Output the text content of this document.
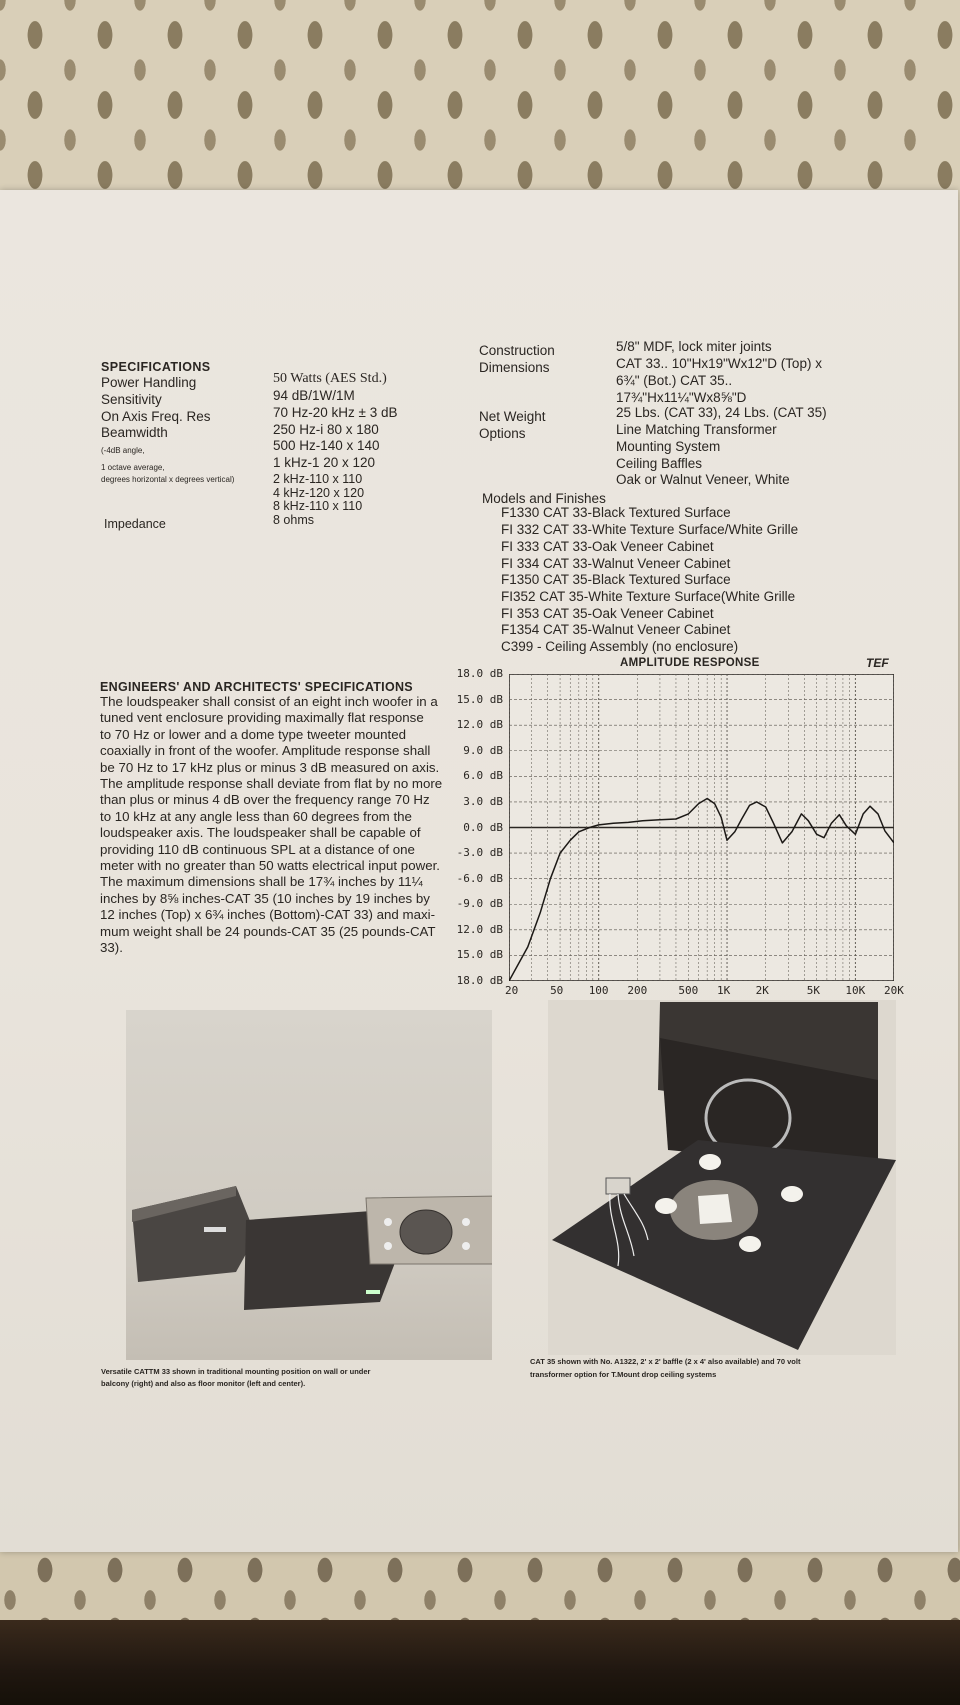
SPECIFICATIONS
Power Handling	50 Watts (AES Std.)
Sensitivity	94 dB/1W/1M
On Axis Freq. Res	70 Hz-20 kHz ± 3 dB
Beamwidth	250 Hz-i 80 x 180
(-4dB angle,
1 octave average,
degrees horizontal x degrees vertical)
500 Hz-140 x 140
1 kHz-1 20 x 120
2 kHz-110 x 110
4 kHz-120 x 120
8 kHz-110 x 110
Impedance	8 ohms
Construction	5/8" MDF, lock miter joints
Dimensions	CAT 33.. 10"Hx19"Wx12"D (Top) x
6¾" (Bot.) CAT 35..
17¾"Hx11¼"Wx8⅝"D
Net Weight	25 Lbs. (CAT 33), 24 Lbs. (CAT 35)
Options	Line Matching Transformer
Mounting System
Ceiling Baffles
Oak or Walnut Veneer, White
Models and Finishes
F1330 CAT 33-Black Textured Surface
FI 332 CAT 33-White Texture Surface/White Grille
FI 333 CAT 33-Oak Veneer Cabinet
FI 334 CAT 33-Walnut Veneer Cabinet
F1350 CAT 35-Black Textured Surface
FI352 CAT 35-White Texture Surface(White Grille
FI 353 CAT 35-Oak Veneer Cabinet
F1354 CAT 35-Walnut Veneer Cabinet
C399 - Ceiling Assembly (no enclosure)
ENGINEERS' AND ARCHITECTS' SPECIFICATIONS
The loudspeaker shall consist of an eight inch woofer in a
tuned vent enclosure providing maximally flat response
to 70 Hz or lower and a dome type tweeter mounted
coaxially in front of the woofer. Amplitude response shall
be 70 Hz to 17 kHz plus or minus 3 dB measured on axis.
The amplitude response shall deviate from flat by no more
than plus or minus 4 dB over the frequency range 70 Hz
to 10 kHz at any angle less than 60 degrees from the
loudspeaker axis. The loudspeaker shall be capable of
providing 110 dB continuous SPL at a distance of one
meter with no greater than 50 watts electrical input power.
The maximum dimensions shall be 17¾ inches by 11¼
inches by 8⅝ inches-CAT 35 (10 inches by 19 inches by
12 inches (Top) x 6¾ inches (Bottom)-CAT 33) and maxi-
mum weight shall be 24 pounds-CAT 35 (25 pounds-CAT
33).
AMPLITUDE RESPONSE	TEF
18.0 dB
15.0 dB
12.0 dB
9.0 dB
6.0 dB
3.0 dB
0.0 dB
-3.0 dB
-6.0 dB
-9.0 dB
12.0 dB
15.0 dB
18.0 dB
20	50 100 200	500 1K 2K	5K 10K 20K
Versatile CATTM 33 shown in traditional mounting position on wall or under
balcony (right) and also as floor monitor (left and center).
CAT 35 shown with No. A1322, 2' x 2' baffle (2 x 4' also available) and 70 volt
transformer option for T.Mount drop ceiling systems
